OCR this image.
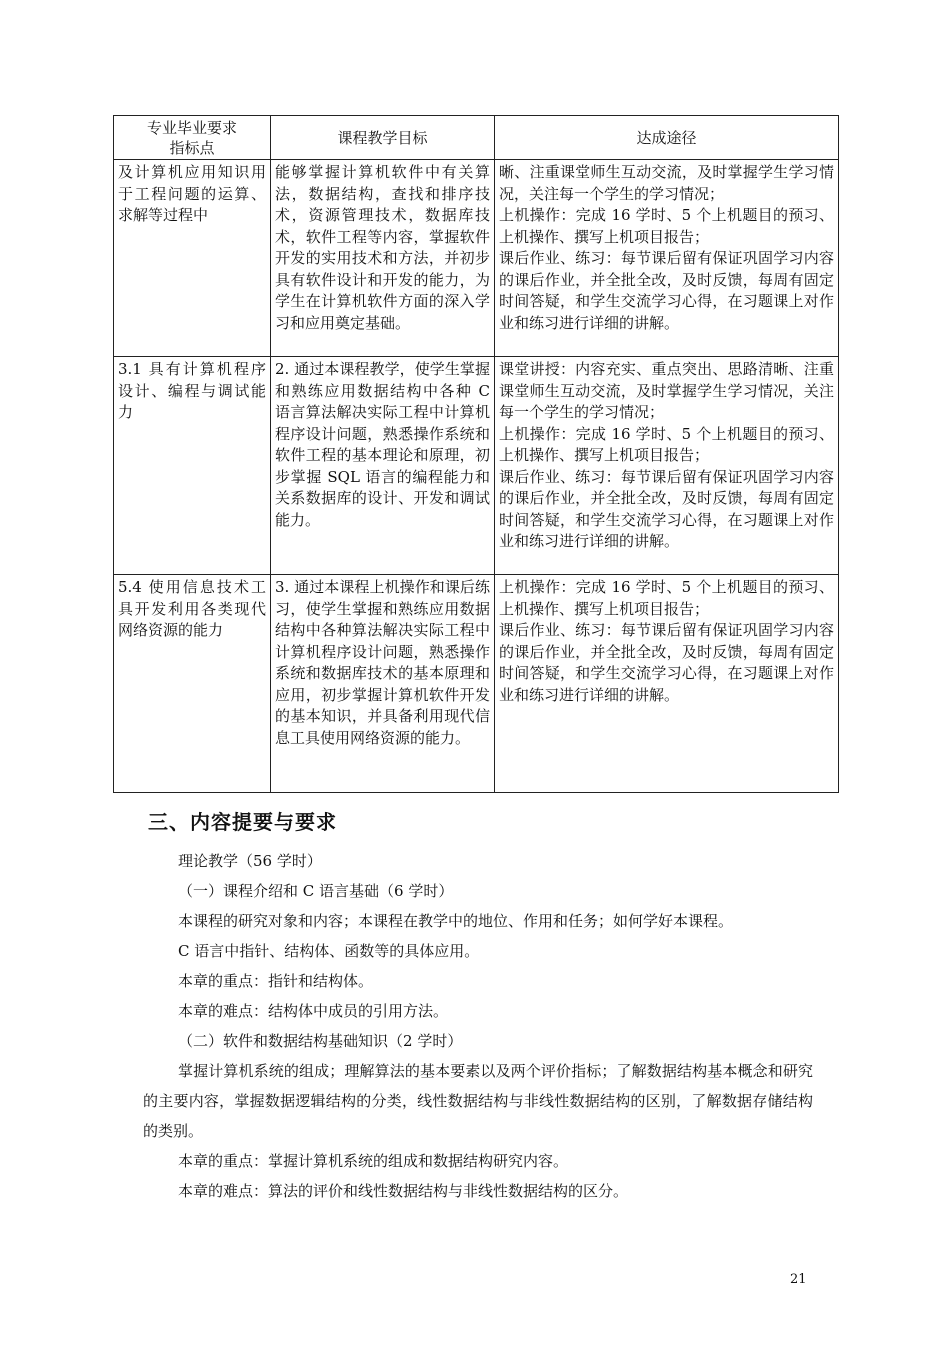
专业毕业要求
指标点	课程教学目标	达成途径
及计算机应用知识用于工程问题的运算、求解等过程中	能够掌握计算机软件中有关算法，数据结构，查找和排序技术，资源管理技术，数据库技术，软件工程等内容，掌握软件开发的实用技术和方法，并初步具有软件设计和开发的能力，为学生在计算机软件方面的深入学习和应用奠定基础。	晰、注重课堂师生互动交流，及时掌握学生学习情况，关注每一个学生的学习情况；
上机操作：完成 16 学时、5 个上机题目的预习、上机操作、撰写上机项目报告；
课后作业、练习：每节课后留有保证巩固学习内容的课后作业，并全批全改，及时反馈，每周有固定时间答疑，和学生交流学习心得，在习题课上对作业和练习进行详细的讲解。

3.1 具有计算机程序设计、编程与调试能力	2. 通过本课程教学，使学生掌握和熟练应用数据结构中各种 C 语言算法解决实际工程中计算机程序设计问题，熟悉操作系统和软件工程的基本理论和原理，初步掌握 SQL 语言的编程能力和关系数据库的设计、开发和调试能力。	课堂讲授：内容充实、重点突出、思路清晰、注重课堂师生互动交流，及时掌握学生学习情况，关注每一个学生的学习情况；
上机操作：完成 16 学时、5 个上机题目的预习、上机操作、撰写上机项目报告；
课后作业、练习：每节课后留有保证巩固学习内容的课后作业，并全批全改，及时反馈，每周有固定时间答疑，和学生交流学习心得，在习题课上对作业和练习进行详细的讲解。

5.4 使用信息技术工具开发利用各类现代网络资源的能力	3. 通过本课程上机操作和课后练习，使学生掌握和熟练应用数据结构中各种算法解决实际工程中计算机程序设计问题，熟悉操作系统和数据库技术的基本原理和应用，初步掌握计算机软件开发的基本知识，并具备利用现代信息工具使用网络资源的能力。	上机操作：完成 16 学时、5 个上机题目的预习、上机操作、撰写上机项目报告；
课后作业、练习：每节课后留有保证巩固学习内容的课后作业，并全批全改，及时反馈，每周有固定时间答疑，和学生交流学习心得，在习题课上对作业和练习进行详细的讲解。
三、内容提要与要求

理论教学（56 学时）

（一）课程介绍和 C 语言基础（6 学时）

本课程的研究对象和内容；本课程在教学中的地位、作用和任务；如何学好本课程。

C 语言中指针、结构体、函数等的具体应用。

本章的重点：指针和结构体。

本章的难点：结构体中成员的引用方法。

（二）软件和数据结构基础知识（2 学时）

掌握计算机系统的组成；理解算法的基本要素以及两个评价指标；了解数据结构基本概念和研究的主要内容，掌握数据逻辑结构的分类，线性数据结构与非线性数据结构的区别，了解数据存储结构的类别。

本章的重点：掌握计算机系统的组成和数据结构研究内容。

本章的难点：算法的评价和线性数据结构与非线性数据结构的区分。

21
